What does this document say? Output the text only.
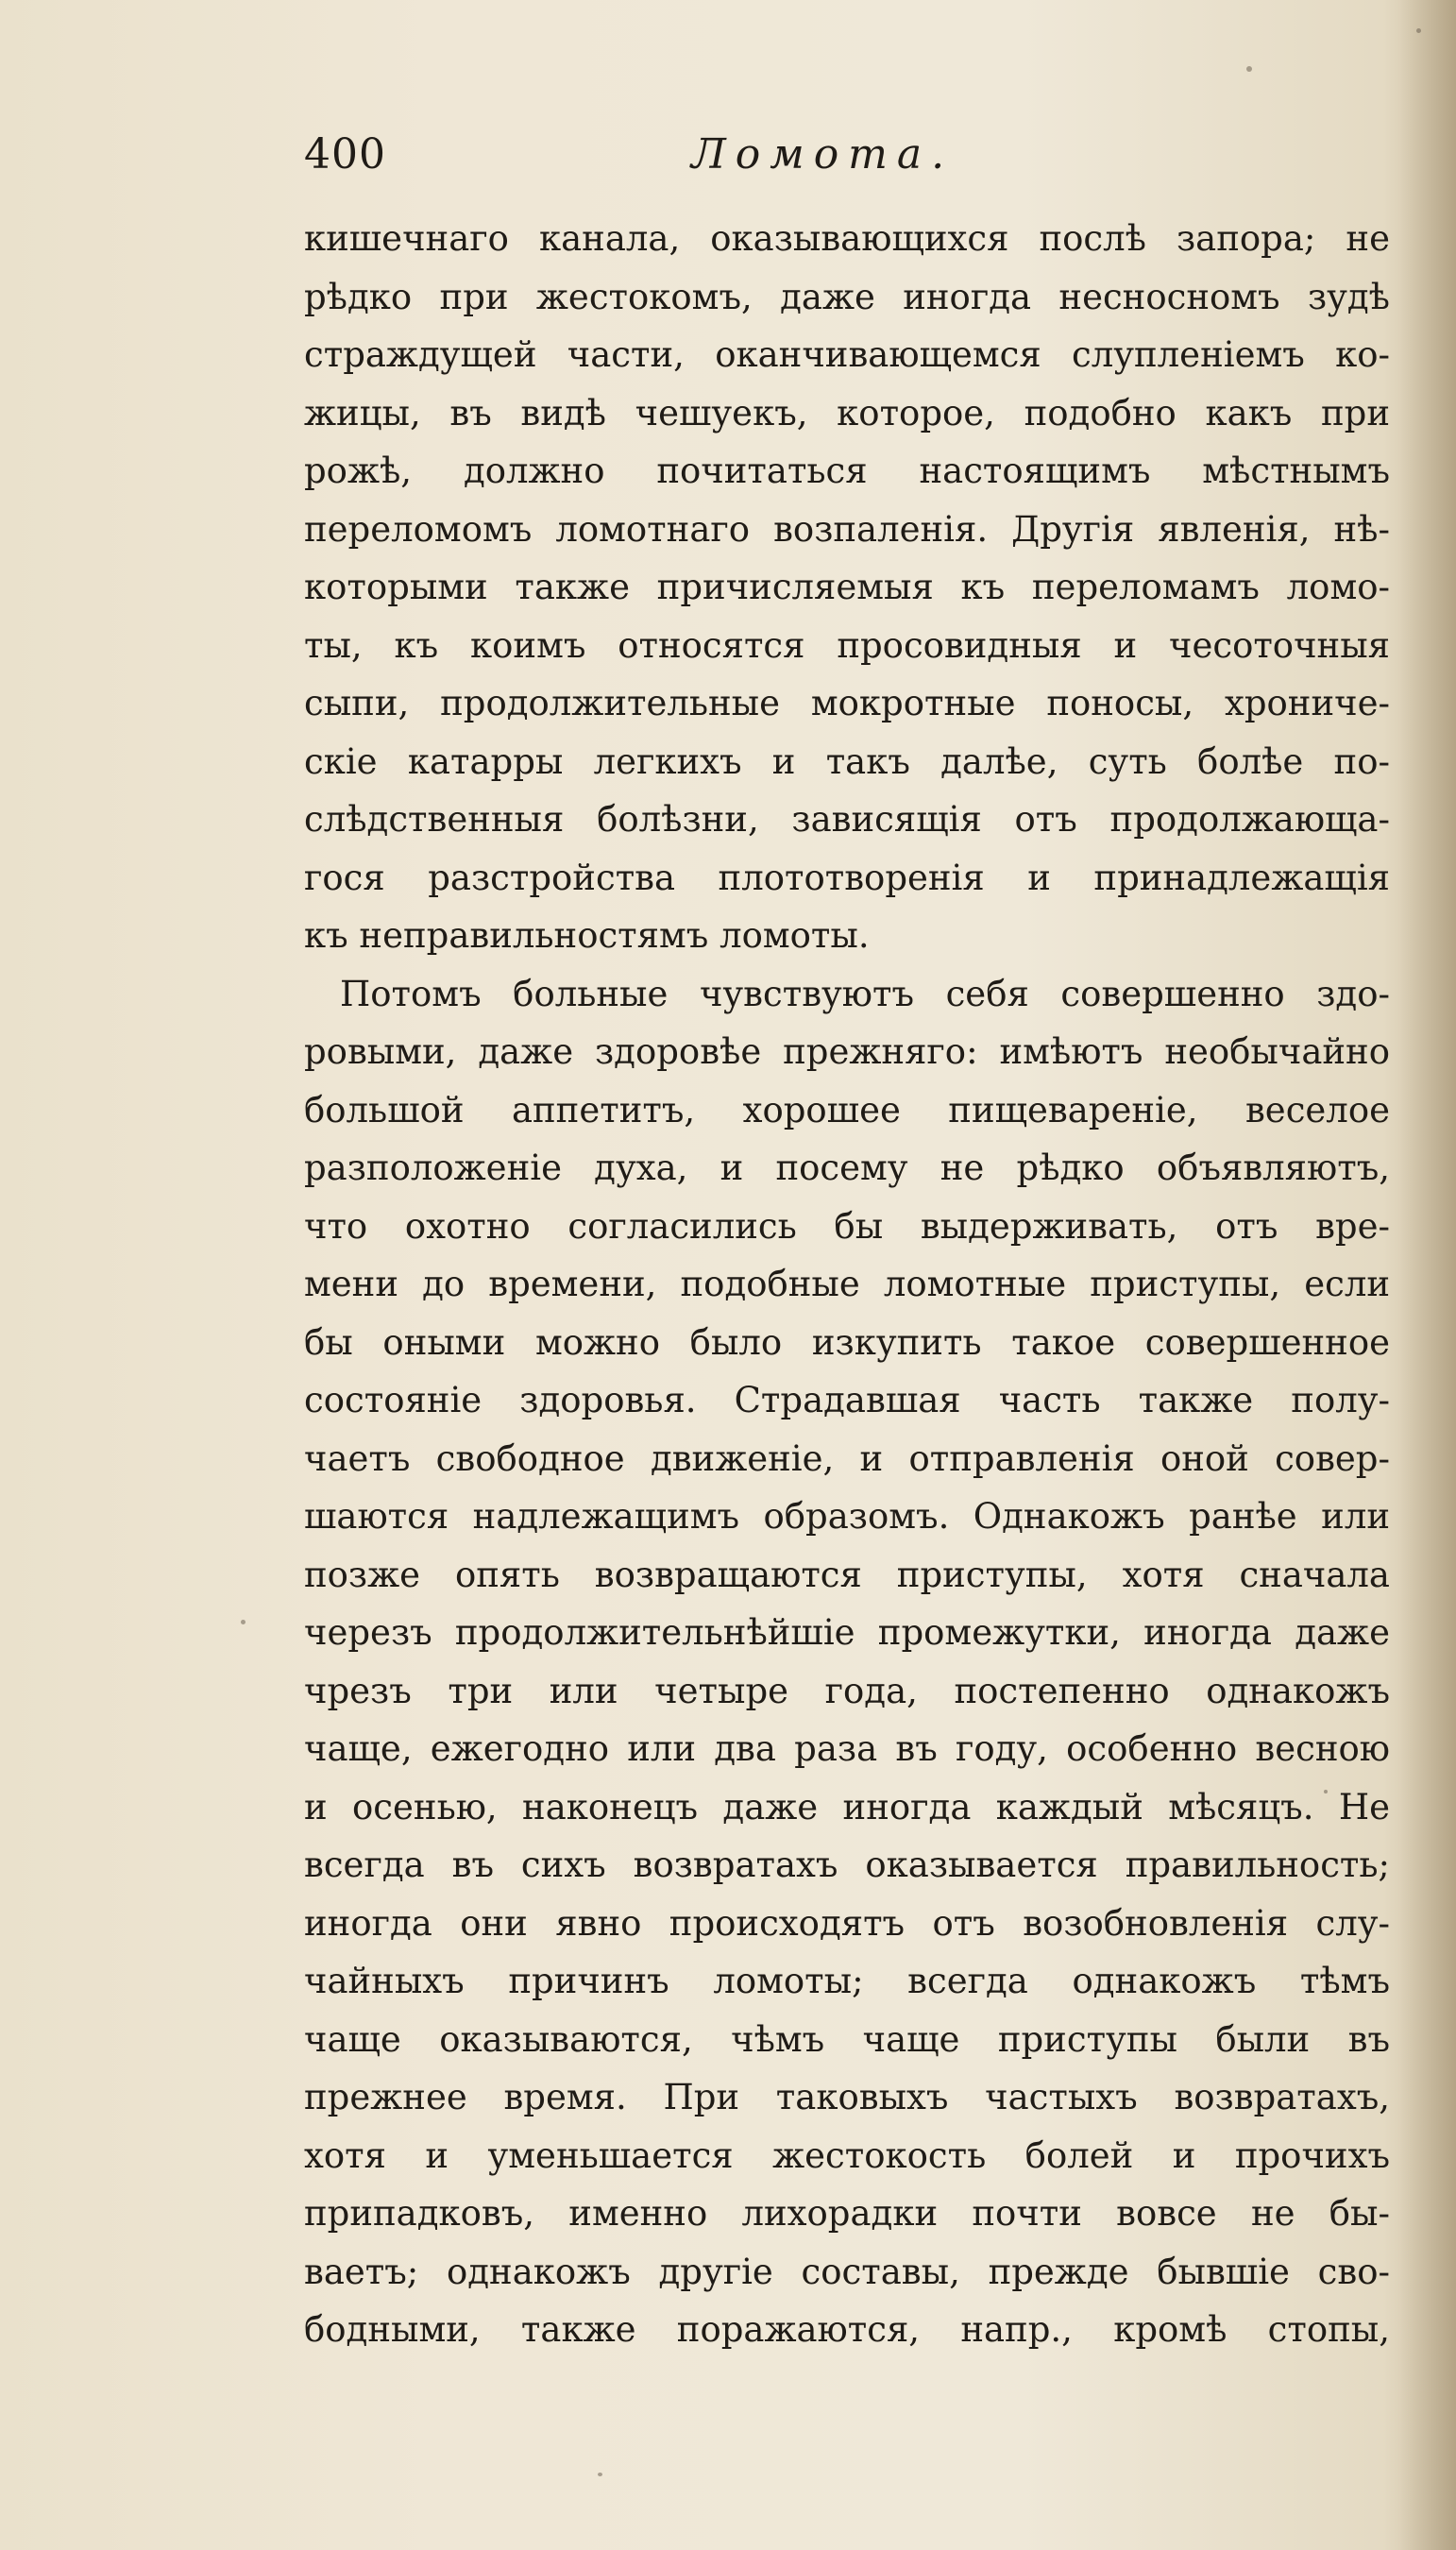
400	Ломота.
кишечнаго канала, оказывающихся послѣ запора; не
рѣдко при жестокомъ, даже иногда несносномъ зудѣ
страждущей части, оканчивающемся слупленіемъ ко-
жицы, въ видѣ чешуекъ, которое, подобно какъ при
рожѣ, должно почитаться настоящимъ мѣстнымъ
переломомъ ломотнаго возпаленія. Другія явленія, нѣ-
которыми также причисляемыя къ переломамъ ломо-
ты, къ коимъ относятся просовидныя и чесоточныя
сыпи, продолжительные мокротные поносы, хрониче-
скіе катарры легкихъ и такъ далѣе, суть болѣе по-
слѣдственныя болѣзни, зависящія отъ продолжающа-
гося разстройства плототворенія и принадлежащія
къ неправильностямъ ломоты.
Потомъ больные чувствуютъ себя совершенно здо-
ровыми, даже здоровѣе прежняго: имѣютъ необычайно
большой аппетитъ, хорошее пищевареніе, веселое
разположеніе духа, и посему не рѣдко объявляютъ,
что охотно согласились бы выдерживать, отъ вре-
мени до времени, подобные ломотные приступы, если
бы оными можно было изкупить такое совершенное
состояніе здоровья. Страдавшая часть также полу-
чаетъ свободное движеніе, и отправленія оной совер-
шаются надлежащимъ образомъ. Однакожъ ранѣе или
позже опять возвращаются приступы, хотя сначала
черезъ продолжительнѣйшіе промежутки, иногда даже
чрезъ три или четыре года, постепенно однакожъ
чаще, ежегодно или два раза въ году, особенно весною
и осенью, наконецъ даже иногда каждый мѣсяцъ. Не
всегда въ сихъ возвратахъ оказывается правильность;
иногда они явно происходятъ отъ возобновленія слу-
чайныхъ причинъ ломоты; всегда однакожъ тѣмъ
чаще оказываются, чѣмъ чаще приступы были въ
прежнее время. При таковыхъ частыхъ возвратахъ,
хотя и уменьшается жестокость болей и прочихъ
припадковъ, именно лихорадки почти вовсе не бы-
ваетъ; однакожъ другіе составы, прежде бывшіе сво-
бодными, также поражаются, напр., кромѣ стопы,
